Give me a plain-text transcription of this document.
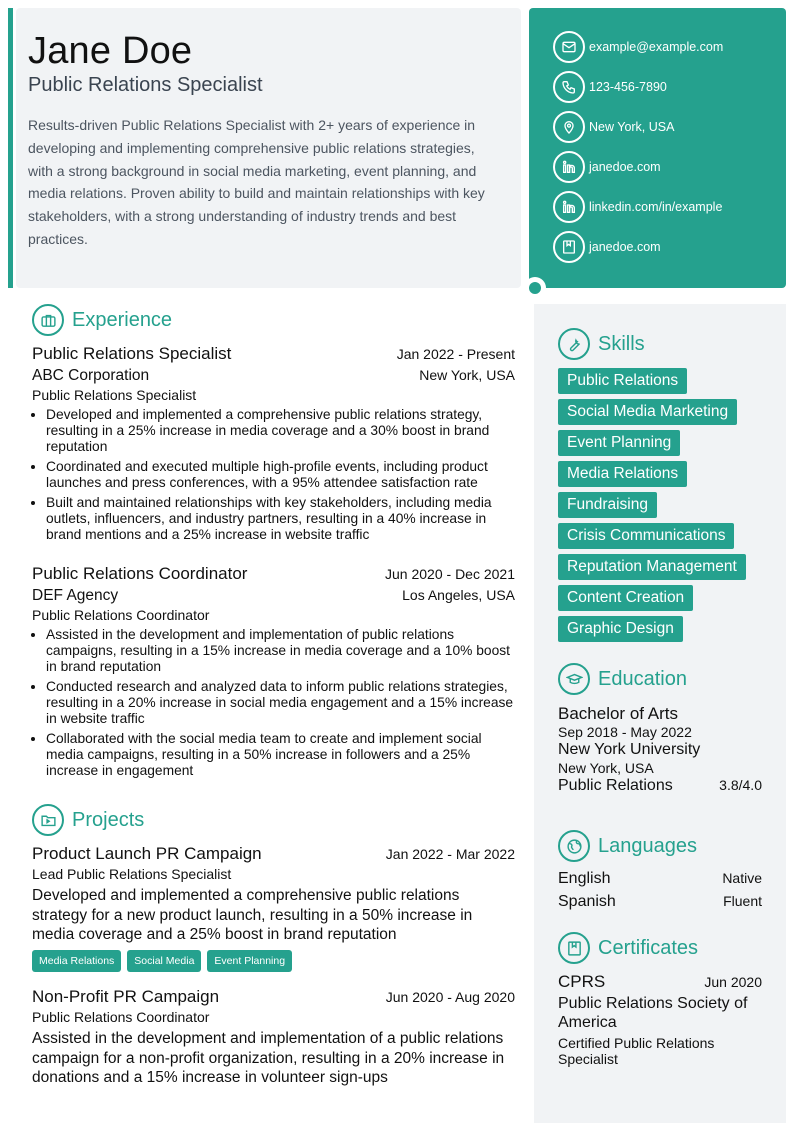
Jane Doe
Public Relations Specialist
Results-driven Public Relations Specialist with 2+ years of experience in developing and implementing comprehensive public relations strategies, with a strong background in social media marketing, event planning, and media relations. Proven ability to build and maintain relationships with key stakeholders, with a strong understanding of industry trends and best practices.
example@example.com
123-456-7890
New York, USA
janedoe.com
linkedin.com/in/example
janedoe.com
Experience
Public Relations Specialist	Jan 2022 - Present
ABC Corporation	New York, USA
Public Relations Specialist
• Developed and implemented a comprehensive public relations strategy, resulting in a 25% increase in media coverage and a 30% boost in brand reputation
• Coordinated and executed multiple high-profile events, including product launches and press conferences, with a 95% attendee satisfaction rate
• Built and maintained relationships with key stakeholders, including media outlets, influencers, and industry partners, resulting in a 40% increase in brand mentions and a 25% increase in website traffic
Public Relations Coordinator	Jun 2020 - Dec 2021
DEF Agency	Los Angeles, USA
Public Relations Coordinator
• Assisted in the development and implementation of public relations campaigns, resulting in a 15% increase in media coverage and a 10% boost in brand reputation
• Conducted research and analyzed data to inform public relations strategies, resulting in a 20% increase in social media engagement and a 15% increase in website traffic
• Collaborated with the social media team to create and implement social media campaigns, resulting in a 50% increase in followers and a 25% increase in engagement
Projects
Product Launch PR Campaign	Jan 2022 - Mar 2022
Lead Public Relations Specialist
Developed and implemented a comprehensive public relations strategy for a new product launch, resulting in a 50% increase in media coverage and a 25% boost in brand reputation
Media Relations	Social Media	Event Planning
Non-Profit PR Campaign	Jun 2020 - Aug 2020
Public Relations Coordinator
Assisted in the development and implementation of a public relations campaign for a non-profit organization, resulting in a 20% increase in donations and a 15% increase in volunteer sign-ups
Skills
Public Relations
Social Media Marketing
Event Planning
Media Relations
Fundraising
Crisis Communications
Reputation Management
Content Creation
Graphic Design
Education
Bachelor of Arts
Sep 2018 - May 2022
New York University
New York, USA
Public Relations	3.8/4.0
Languages
English	Native
Spanish	Fluent
Certificates
CPRS	Jun 2020
Public Relations Society of America
Certified Public Relations Specialist
